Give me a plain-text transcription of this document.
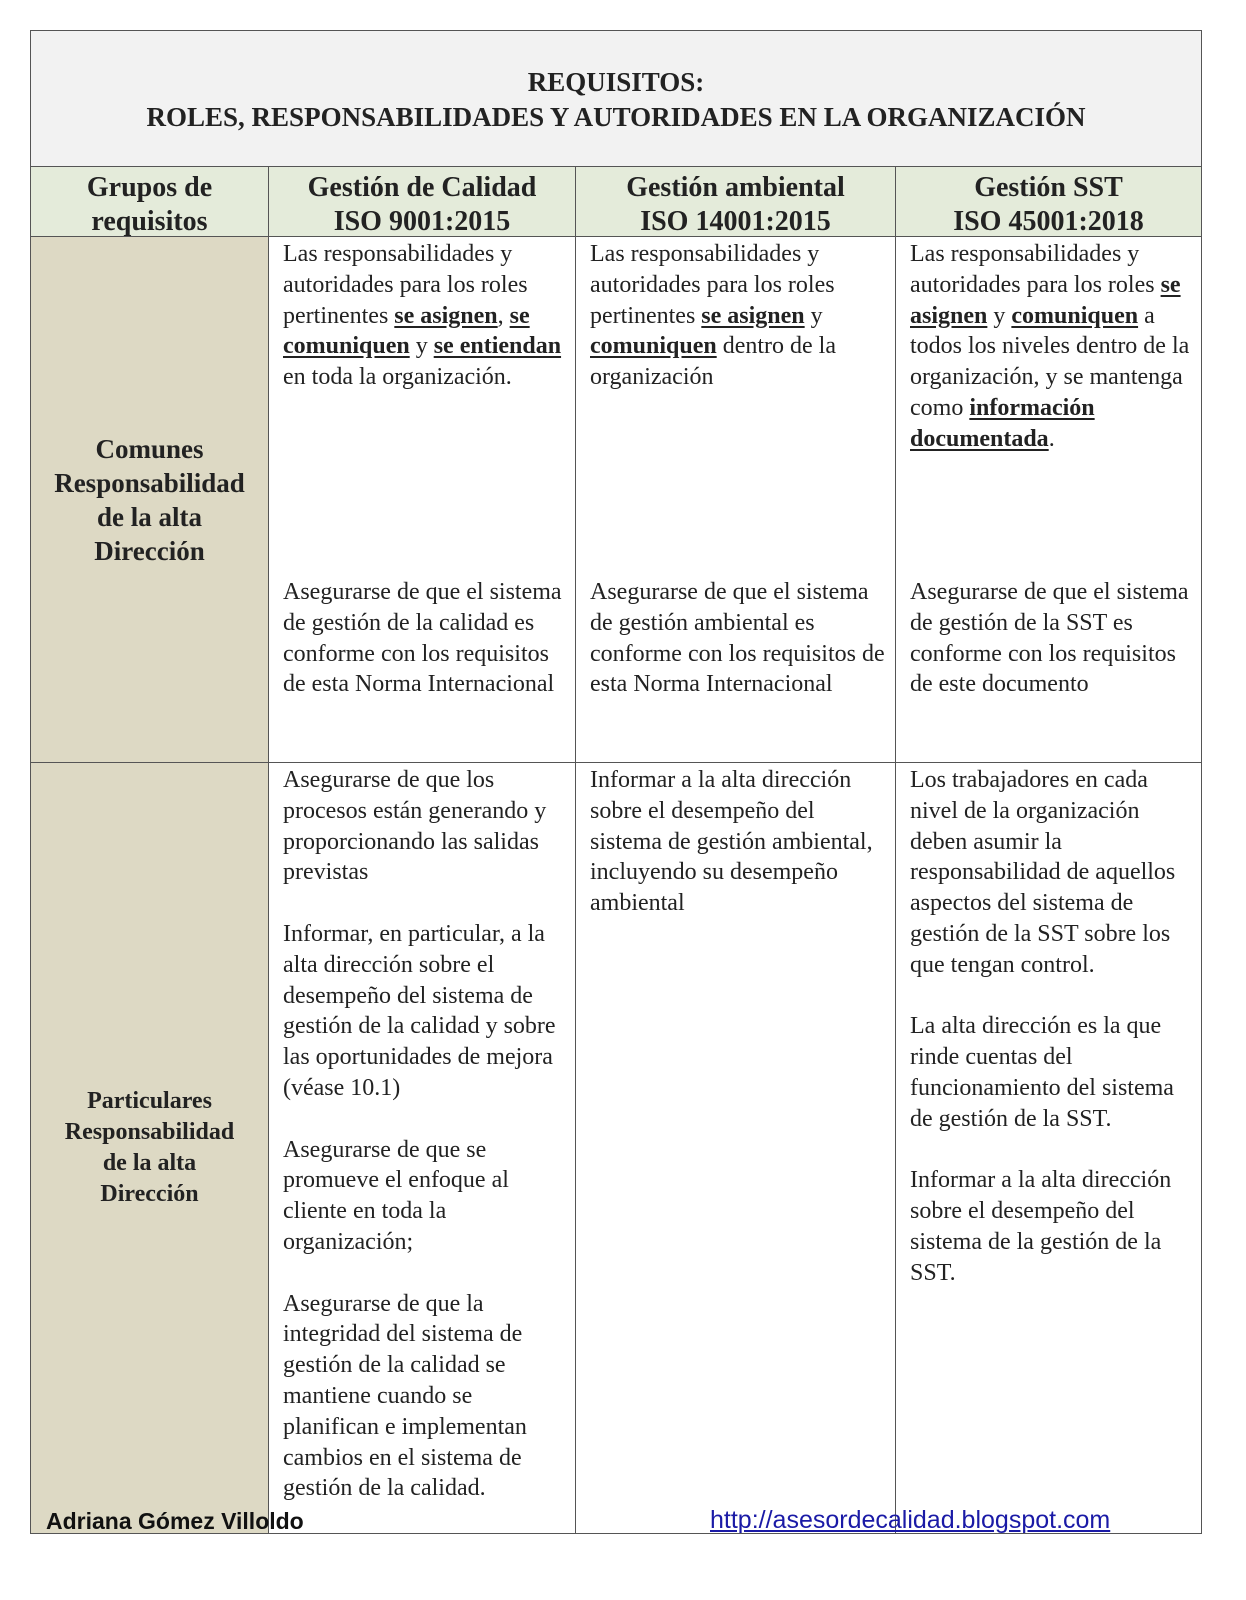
REQUISITOS:
ROLES, RESPONSABILIDADES Y AUTORIDADES EN LA ORGANIZACIÓN
Grupos de
requisitos
Gestión de Calidad
ISO 9001:2015
Gestión ambiental
ISO 14001:2015
Gestión SST
ISO 45001:2018
Comunes
Responsabilidad
de la alta
Dirección

Las responsabilidades y autoridades para los roles pertinentes se asignen, se comuniquen y se entiendan en toda la organización.

Asegurarse de que el sistema de gestión de la calidad es conforme con los requisitos de esta Norma Internacional

Las responsabilidades y autoridades para los roles pertinentes se asignen y comuniquen dentro de la organización

Asegurarse de que el sistema de gestión ambiental es conforme con los requisitos de esta Norma Internacional

Las responsabilidades y autoridades para los roles se asignen y comuniquen a todos los niveles dentro de la organización, y se mantenga como información documentada.

Asegurarse de que el sistema de gestión de la SST es conforme con los requisitos de este documento

Particulares
Responsabilidad
de la alta
Dirección

Asegurarse de que los procesos están generando y proporcionando las salidas previstas

Informar, en particular, a la alta dirección sobre el desempeño del sistema de gestión de la calidad y sobre las oportunidades de mejora (véase 10.1)

Asegurarse de que se promueve el enfoque al cliente en toda la organización;

Asegurarse de que la integridad del sistema de gestión de la calidad se mantiene cuando se planifican e implementan cambios en el sistema de gestión de la calidad.

Informar a la alta dirección sobre el desempeño del sistema de gestión ambiental, incluyendo su desempeño ambiental

Los trabajadores en cada nivel de la organización deben asumir la responsabilidad de aquellos aspectos del sistema de gestión de la SST sobre los que tengan control.

La alta dirección es la que rinde cuentas del funcionamiento del sistema de gestión de la SST.

Informar a la alta dirección sobre el desempeño del sistema de la gestión de la SST.

Adriana Gómez Villoldo	http://asesordecalidad.blogspot.com
